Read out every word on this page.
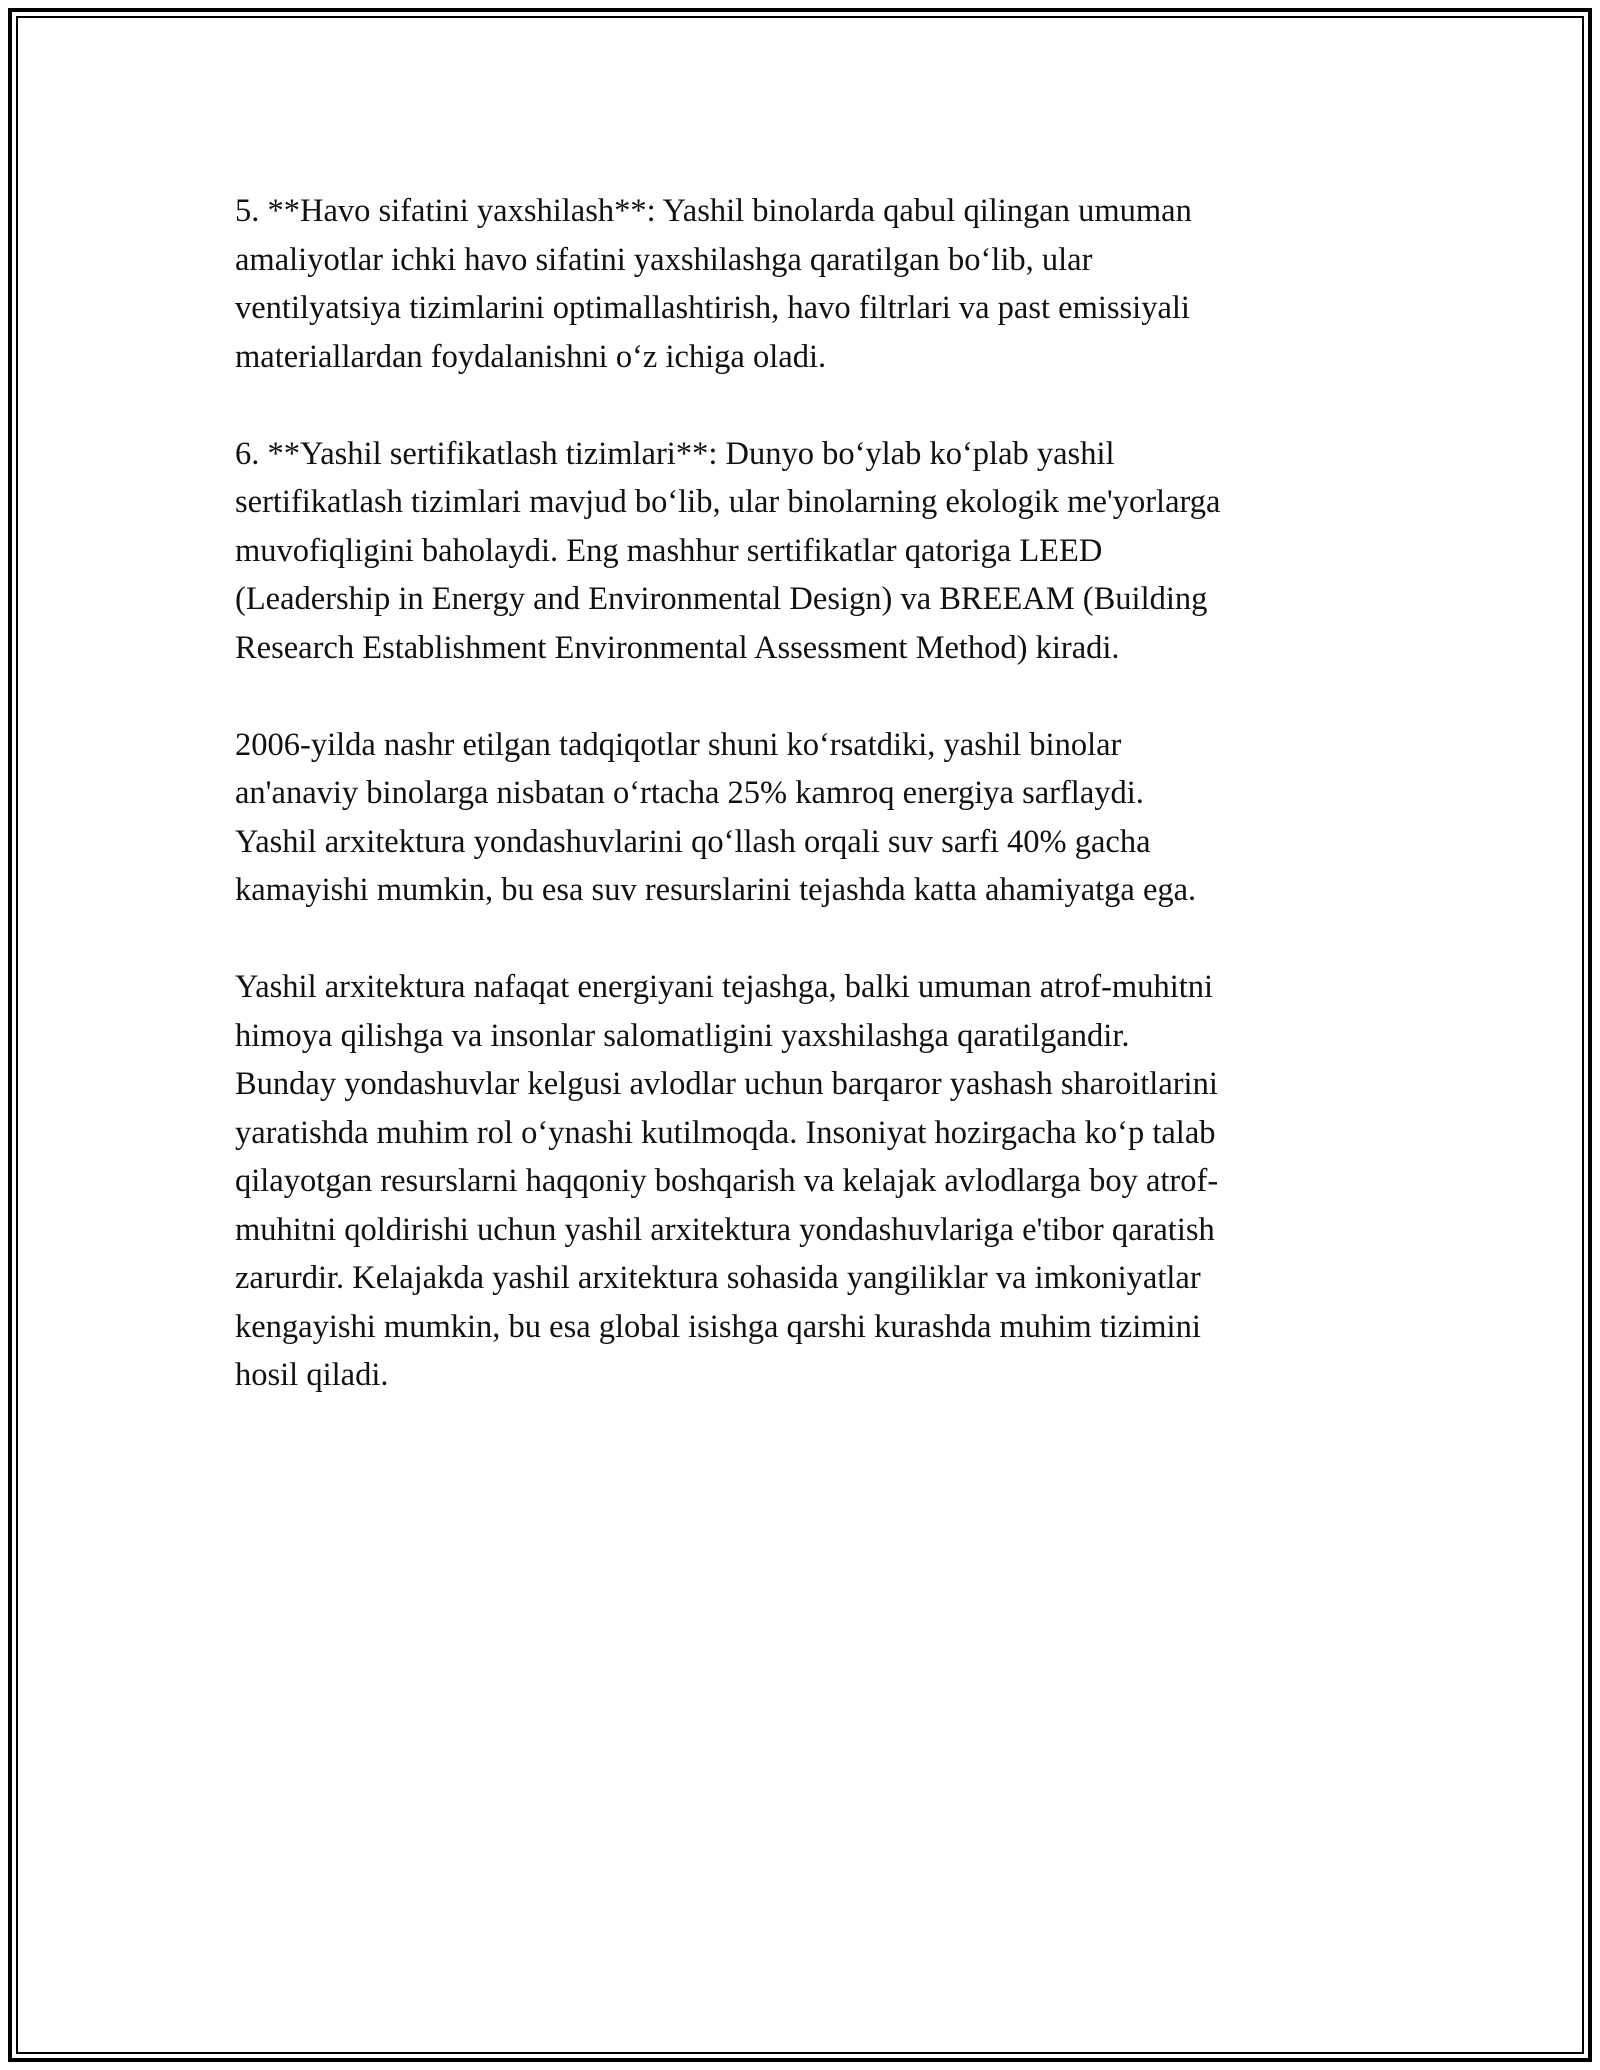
5. **Havo sifatini yaxshilash**: Yashil binolarda qabul qilingan umuman
amaliyotlar ichki havo sifatini yaxshilashga qaratilgan bo‘lib, ular
ventilyatsiya tizimlarini optimallashtirish, havo filtrlari va past emissiyali
materiallardan foydalanishni o‘z ichiga oladi.

6. **Yashil sertifikatlash tizimlari**: Dunyo bo‘ylab ko‘plab yashil
sertifikatlash tizimlari mavjud bo‘lib, ular binolarning ekologik me'yorlarga
muvofiqligini baholaydi. Eng mashhur sertifikatlar qatoriga LEED
(Leadership in Energy and Environmental Design) va BREEAM (Building
Research Establishment Environmental Assessment Method) kiradi.

2006-yilda nashr etilgan tadqiqotlar shuni ko‘rsatdiki, yashil binolar
an'anaviy binolarga nisbatan o‘rtacha 25% kamroq energiya sarflaydi.
Yashil arxitektura yondashuvlarini qo‘llash orqali suv sarfi 40% gacha
kamayishi mumkin, bu esa suv resurslarini tejashda katta ahamiyatga ega.

Yashil arxitektura nafaqat energiyani tejashga, balki umuman atrof-muhitni
himoya qilishga va insonlar salomatligini yaxshilashga qaratilgandir.
Bunday yondashuvlar kelgusi avlodlar uchun barqaror yashash sharoitlarini
yaratishda muhim rol o‘ynashi kutilmoqda. Insoniyat hozirgacha ko‘p talab
qilayotgan resurslarni haqqoniy boshqarish va kelajak avlodlarga boy atrof-
muhitni qoldirishi uchun yashil arxitektura yondashuvlariga e'tibor qaratish
zarurdir. Kelajakda yashil arxitektura sohasida yangiliklar va imkoniyatlar
kengayishi mumkin, bu esa global isishga qarshi kurashda muhim tizimini
hosil qiladi.
